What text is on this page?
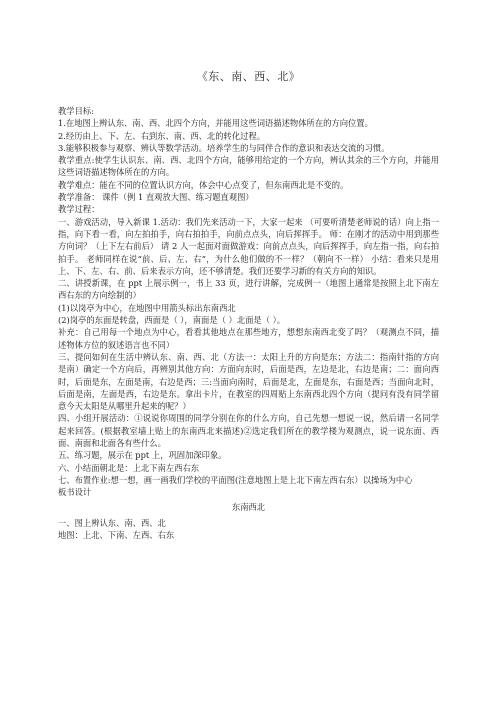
《东、南、西、北》

教学目标:

1.在地图上辨认东、南、西、北四个方向，并能用这些词语描述物体所在的方向位置。

2.经历由上、下、左、右到东、南、西、北的转化过程。

3.能够积极参与观察、辨认等数学活动。培养学生的与同伴合作的意识和表达交流的习惯。

教学重点:使学生认识东、南、西、北四个方向，能够用给定的一个方向，辨认其余的三个方向，并能用这些词语描述物体所在的方向。

教学难点：能在不同的位置认识方向，体会中心点变了，但东南西北是不变的。

教学准备： 课件（例 1 直观放大图、练习题直观图）

教学过程：

一、游戏活动，导入新课 1.活动：我们先来活动一下，大家一起来 （可要听清楚老师说的话）向上指一指，向下看一看，向左拍拍手，向右拍拍手，向前点点头，向后挥挥手。 师：在刚才的活动中用到那些方向词？（上下左右前后） 请 2 人一起面对面做游戏：向前点点头，向后挥挥手，向左指一指，向右拍拍手。 老师同样在说“前、后、左、右”，为什么他们做的不一样？（朝向不一样） 小结：看来只是用上、下、左、右、前、后来表示方向，还不够清楚。我们还要学习新的有关方向的知识。

二、讲授新课，在 ppt 上展示例一，书上 33 页，进行讲解，完成例一（地图上通常是按照上北下南左西右东的方向绘制的）

(1)以岗亭为中心，在地图中用箭头标出东南西北

(2)岗亭的东面是转盘，西面是（ ），南面是（ ）北面是（ ）。

补充：自己用每一个地点为中心，看看其他地点在那些地方，想想东南西北变了吗？（观测点不同，描述物体方位的叙述语言也不同）

三、提问如何在生活中辨认东、南、西、北（方法一：太阳上升的方向是东；方法二：指南针指的方向是南）确定一个方向后，再辨别其他方向：方面向东时，后面是西，左边是北，右边是南；二：面向西时，后面是东，左面是南，右边是西；三:当面向南时，后面是北，左面是东，右面是西；当面向北时，后面是南，左面是西，右边是东。拿出卡片，在教室的四周贴上东南西北四个方向（提问有没有同学留意今天太阳是从哪里升起来的呢？）

四、小组开展活动：①说说你周围的同学分别在你的什么方向，自己先想一想说一说，然后请一名同学起来回答。(根据教室墙上贴上的东南西北来描述)②选定我们所在的教学楼为观测点，说一说东面、西面、南面和北面各有些什么。

五、练习题，展示在 ppt 上，巩固加深印象。

六、小结面朝北是：上北下南左西右东

七、布置作业:想一想，画一画我们学校的平面图(注意地图上是上北下南左西右东）以操场为中心

板书设计

东南西北

一、图上辨认东、南、西、北

地图：上北、下南、左西、右东
